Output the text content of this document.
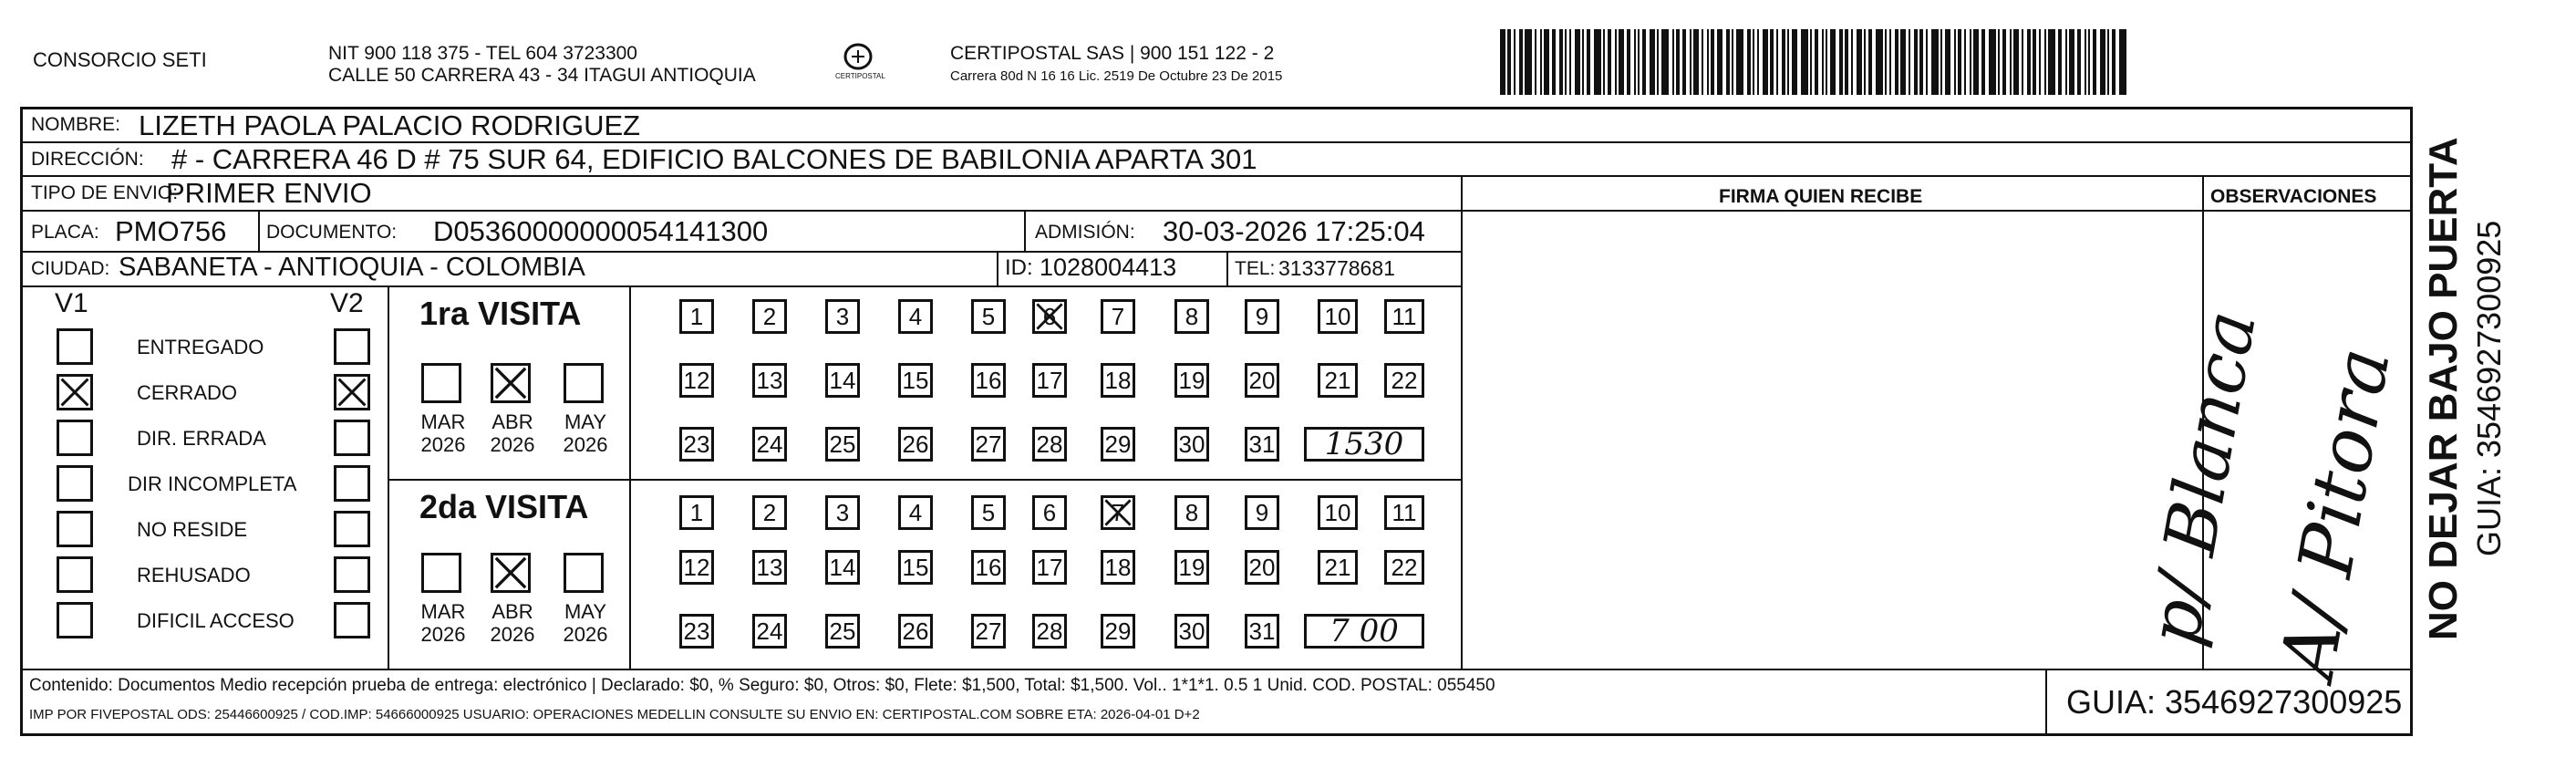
CONSORCIO SETI	NIT 900 118 375 - TEL 604 3723300
CALLE 50 CARRERA 43 - 34 ITAGUI ANTIOQUIA	CERTIPOSTAL
CERTIPOSTAL SAS | 900 151 122 - 2
Carrera 80d N 16 16 Lic. 2519 De Octubre 23 De 2015
NOMBRE: LIZETH PAOLA PALACIO RODRIGUEZ
DIRECCIÓN: # - CARRERA 46 D # 75 SUR 64, EDIFICIO BALCONES DE BABILONIA APARTA 301
TIPO DE ENVIO:
PRIMER ENVIO
PLACA: PMO756 DOCUMENTO: D05360000000054141300	ADMISIÓN: 30-03-2026 17:25:04
CIUDAD: SABANETA - ANTIOQUIA - COLOMBIA	ID: 1028004413	TEL: 3133778681
FIRMA QUIEN RECIBE	OBSERVACIONES
V1	V2
ENTREGADO
CERRADO
DIR. ERRADA
DIR INCOMPLETA
NO RESIDE
REHUSADO
DIFICIL ACCESO
1ra VISITA
2da VISITA
MAR
2026
ABR
2026
MAY
2026
MAR
2026
ABR
2026
MAY
2026
1	2	3	4	5 6 7	8 9 10 11
12 13 14 15 16 17 18 19 20 21 22
23 24 25 26 27 28 29 30 31	1530
1	2	3	4	5 6 7	8 9 10 11
12 13 14 15 16 17 18 19 20 21 22
23 24 25 26 27 28 29 30 31	7 00	p/ Blanca
A/ Pitora NO DEJAR BAJO PUERTA GUIA: 3546927300925
Contenido: Documentos Medio recepción prueba de entrega: electrónico | Declarado: $0, % Seguro: $0, Otros: $0, Flete: $1,500, Total: $1,500. Vol.. 1*1*1. 0.5 1 Unid. COD. POSTAL: 055450
IMP POR FIVEPOSTAL ODS: 25446600925 / COD.IMP: 54666000925 USUARIO: OPERACIONES MEDELLIN CONSULTE SU ENVIO EN: CERTIPOSTAL.COM SOBRE ETA: 2026-04-01 D+2	GUIA: 3546927300925
